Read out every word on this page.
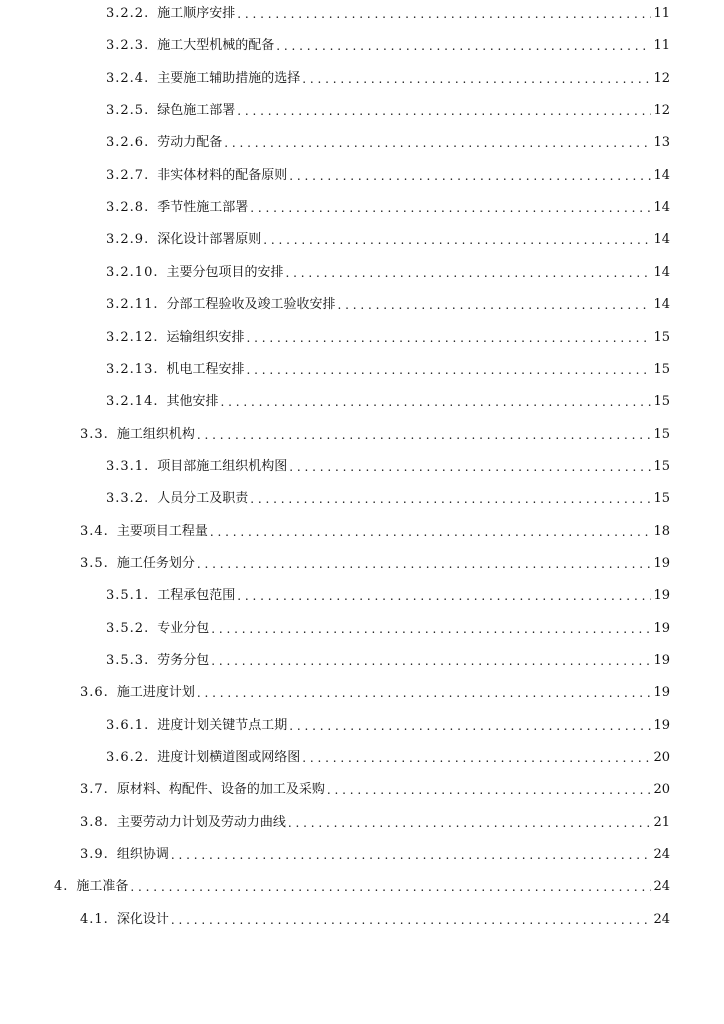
3.2.2. 施工顺序安排 . . .	11
3.2.3. 施工大型机械的配备 . . .	11
3.2.4. 主要施工辅助措施的选择 . . .	12
3.2.5. 绿色施工部署 . . .	12
3.2.6. 劳动力配备 . . .	13
3.2.7. 非实体材料的配备原则 . . .	14
3.2.8. 季节性施工部署 . . .	14
3.2.9. 深化设计部署原则 . . .	14
3.2.10. 主要分包项目的安排 . . .	14
3.2.11. 分部工程验收及竣工验收安排 . . .	14
3.2.12. 运输组织安排 . . .	15
3.2.13. 机电工程安排 . . .	15
3.2.14. 其他安排 . . .	15
3.3. 施工组织机构 . . .	15
3.3.1. 项目部施工组织机构图 . . .	15
3.3.2. 人员分工及职责 . . .	15
3.4. 主要项目工程量 . . .	18
3.5. 施工任务划分 . . .	19
3.5.1. 工程承包范围 . . .	19
3.5.2. 专业分包 . . .	19
3.5.3. 劳务分包 . . .	19
3.6. 施工进度计划 . . .	19
3.6.1. 进度计划关键节点工期 . . .	19
3.6.2. 进度计划横道图或网络图 . . .	20
3.7. 原材料、构配件、设备的加工及采购 . . .	20
3.8. 主要劳动力计划及劳动力曲线 . . .	21
3.9. 组织协调 . . .	24
4. 施工准备 . . .	24
4.1. 深化设计 . . .	24
